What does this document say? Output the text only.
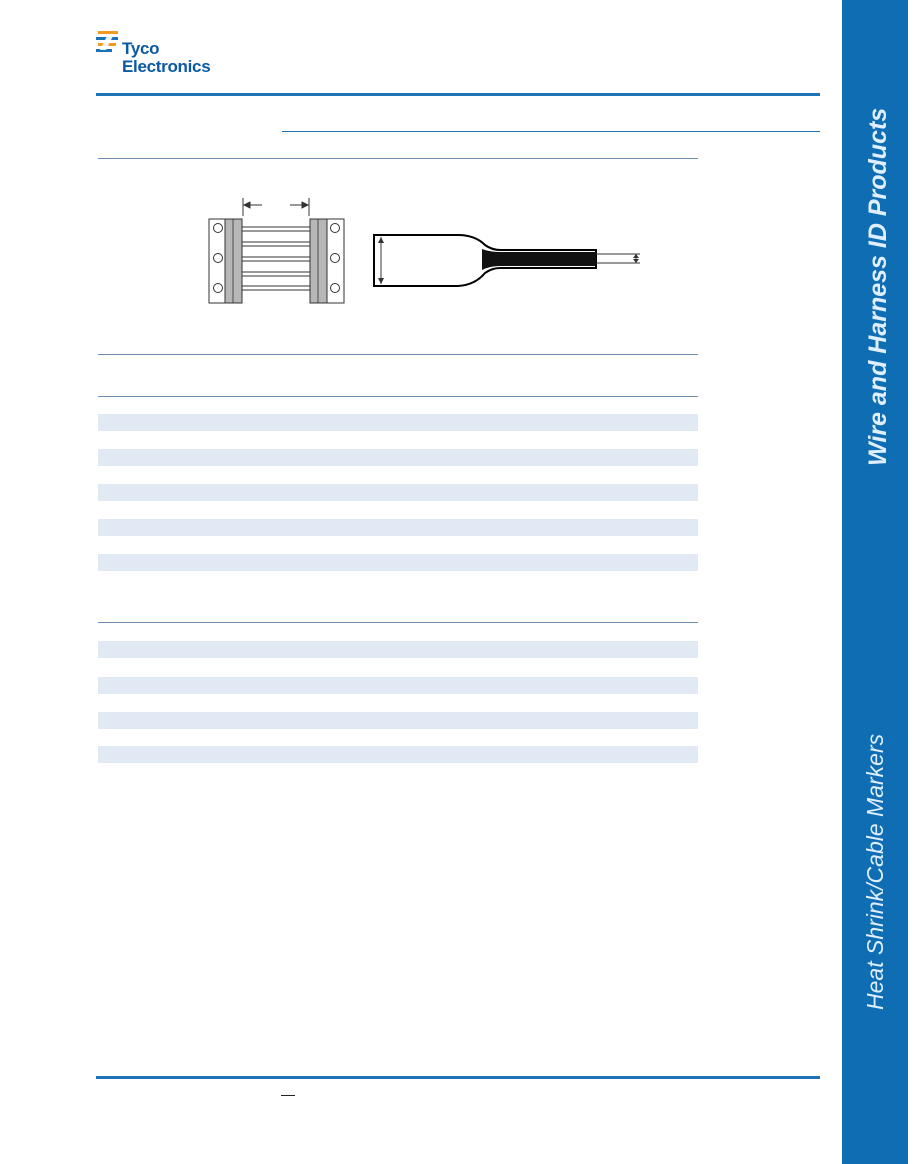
Tyco
Electronics
Wire and Harness ID Products
Heat Shrink/Cable Markers
